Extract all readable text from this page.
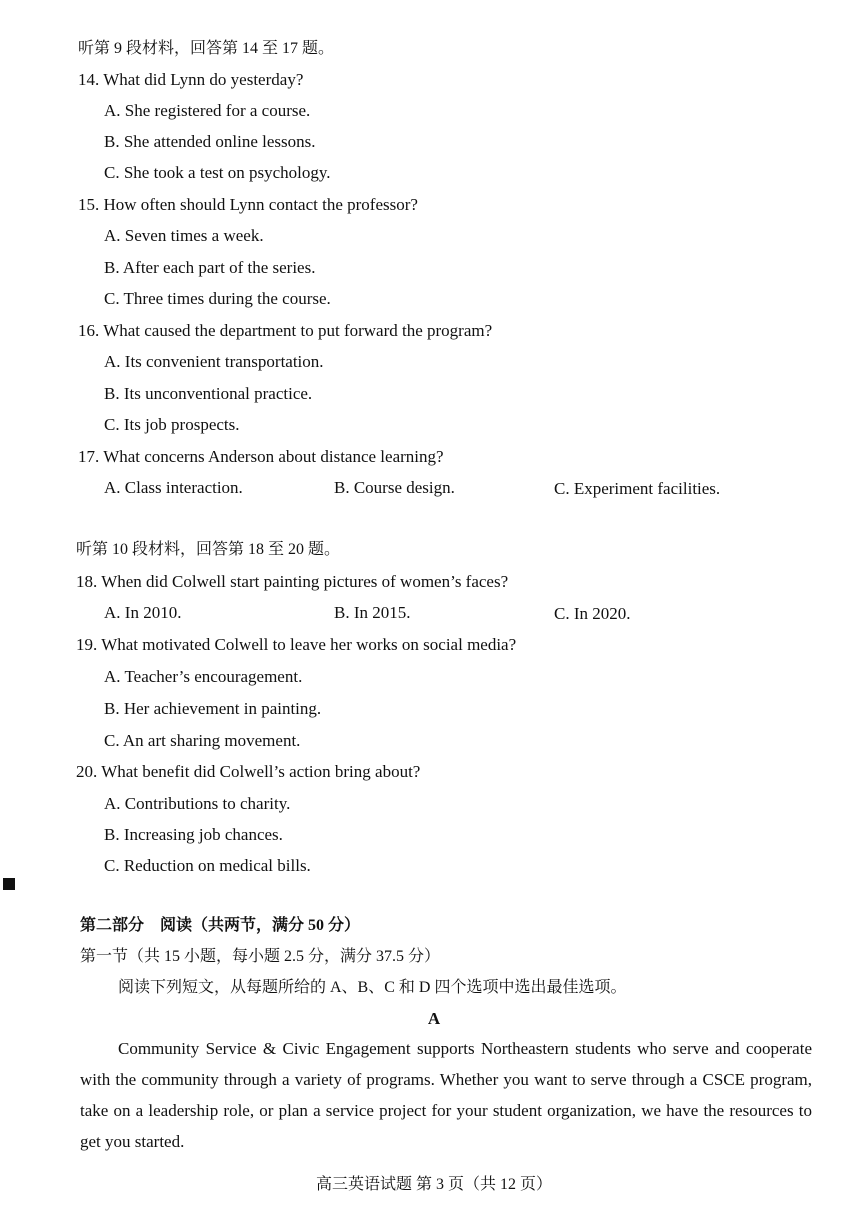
听第 9 段材料，回答第 14 至 17 题。
14. What did Lynn do yesterday?
A. She registered for a course.
B. She attended online lessons.
C. She took a test on psychology.
15. How often should Lynn contact the professor?
A. Seven times a week.
B. After each part of the series.
C. Three times during the course.
16. What caused the department to put forward the program?
A. Its convenient transportation.
B. Its unconventional practice.
C. Its job prospects.
17. What concerns Anderson about distance learning?
A. Class interaction.	B. Course design.	C. Experiment facilities.
听第 10 段材料，回答第 18 至 20 题。
18. When did Colwell start painting pictures of women’s faces?
A. In 2010.	B. In 2015.	C. In 2020.
19. What motivated Colwell to leave her works on social media?
A. Teacher’s encouragement.
B. Her achievement in painting.
C. An art sharing movement.
20. What benefit did Colwell’s action bring about?
A. Contributions to charity.
B. Increasing job chances.
C. Reduction on medical bills.
第二部分　阅读（共两节，满分 50 分）
第一节（共 15 小题，每小题 2.5 分，满分 37.5 分）
阅读下列短文，从每题所给的 A、B、C 和 D 四个选项中选出最佳选项。
A
Community Service & Civic Engagement supports Northeastern students who serve and cooperate with the community through a variety of programs. Whether you want to serve through a CSCE program, take on a leadership role, or plan a service project for your student organization, we have the resources to get you started.
高三英语试题 第 3 页（共 12 页）
